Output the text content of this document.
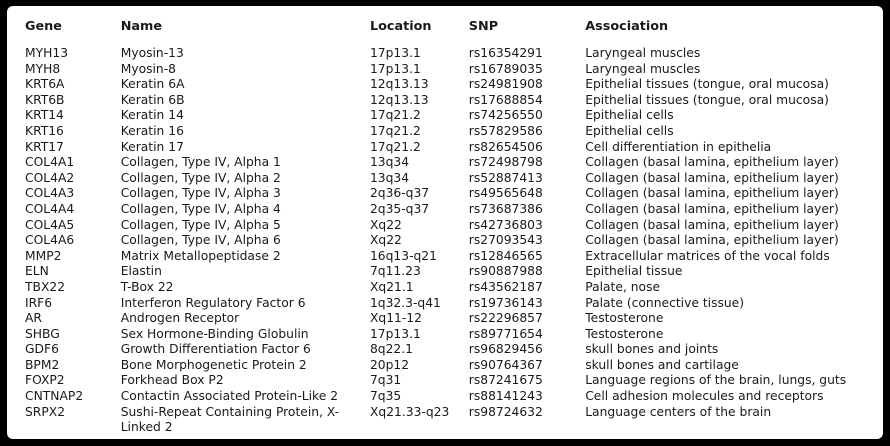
Gene	Name	Location	SNP	Association

MYH13	Myosin-13	17p13.1	rs16354291	Laryngeal muscles
MYH8	Myosin-8	17p13.1	rs16789035	Laryngeal muscles
KRT6A	Keratin 6A	12q13.13	rs24981908	Epithelial tissues (tongue, oral mucosa)
KRT6B	Keratin 6B	12q13.13	rs17688854	Epithelial tissues (tongue, oral mucosa)
KRT14	Keratin 14	17q21.2	rs74256550	Epithelial cells
KRT16	Keratin 16	17q21.2	rs57829586	Epithelial cells
KRT17	Keratin 17	17q21.2	rs82654506	Cell differentiation in epithelia
COL4A1	Collagen, Type IV, Alpha 1	13q34	rs72498798	Collagen (basal lamina, epithelium layer)
COL4A2	Collagen, Type IV, Alpha 2	13q34	rs52887413	Collagen (basal lamina, epithelium layer)
COL4A3	Collagen, Type IV, Alpha 3	2q36-q37	rs49565648	Collagen (basal lamina, epithelium layer)
COL4A4	Collagen, Type IV, Alpha 4	2q35-q37	rs73687386	Collagen (basal lamina, epithelium layer)
COL4A5	Collagen, Type IV, Alpha 5	Xq22	rs42736803	Collagen (basal lamina, epithelium layer)
COL4A6	Collagen, Type IV, Alpha 6	Xq22	rs27093543	Collagen (basal lamina, epithelium layer)
MMP2	Matrix Metallopeptidase 2	16q13-q21	rs12846565	Extracellular matrices of the vocal folds
ELN	Elastin	7q11.23	rs90887988	Epithelial tissue
TBX22	T-Box 22	Xq21.1	rs43562187	Palate, nose
IRF6	Interferon Regulatory Factor 6	1q32.3-q41	rs19736143	Palate (connective tissue)
AR	Androgen Receptor	Xq11-12	rs22296857	Testosterone
SHBG	Sex Hormone-Binding Globulin	17p13.1	rs89771654	Testosterone
GDF6	Growth Differentiation Factor 6	8q22.1	rs96829456	skull bones and joints
BPM2	Bone Morphogenetic Protein 2	20p12	rs90764367	skull bones and cartilage
FOXP2	Forkhead Box P2	7q31	rs87241675	Language regions of the brain, lungs, guts
CNTNAP2	Contactin Associated Protein-Like 2	7q35	rs88141243	Cell adhesion molecules and receptors
SRPX2	Sushi-Repeat Containing Protein, X-Linked 2	Xq21.33-q23	rs98724632	Language centers of the brain
